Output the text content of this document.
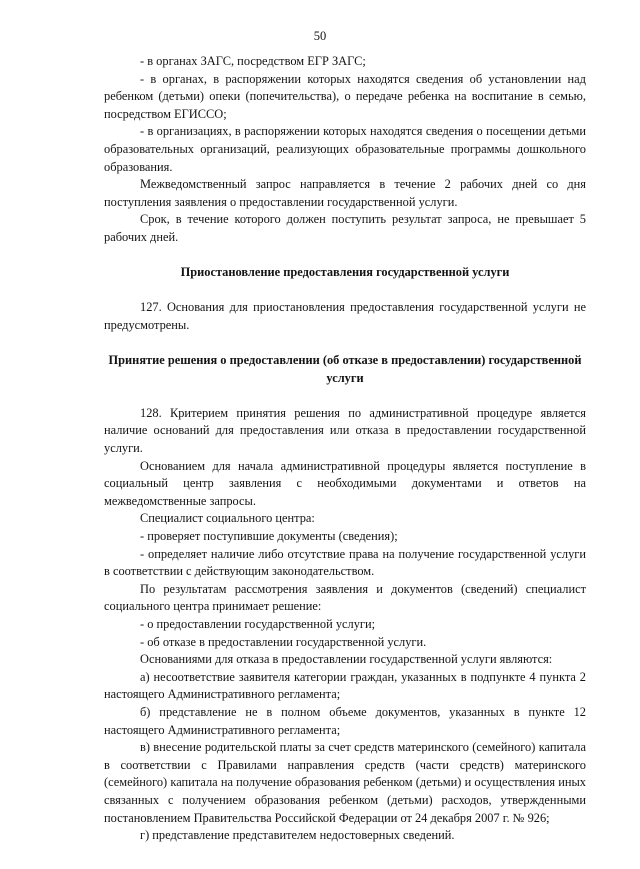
50
- в органах ЗАГС, посредством ЕГР ЗАГС;
- в органах, в распоряжении которых находятся сведения об установлении над ребенком (детьми) опеки (попечительства), о передаче ребенка на воспитание в семью, посредством ЕГИССО;
- в организациях, в распоряжении которых находятся сведения о посещении детьми образовательных организаций, реализующих образовательные программы дошкольного образования.
Межведомственный запрос направляется в течение 2 рабочих дней со дня поступления заявления о предоставлении государственной услуги.
Срок, в течение которого должен поступить результат запроса, не превышает 5 рабочих дней.
Приостановление предоставления государственной услуги
127. Основания для приостановления предоставления государственной услуги не предусмотрены.
Принятие решения о предоставлении (об отказе в предоставлении) государственной услуги
128. Критерием принятия решения по административной процедуре является наличие оснований для предоставления или отказа в предоставлении государственной услуги.
Основанием для начала административной процедуры является поступление в социальный центр заявления с необходимыми документами и ответов на межведомственные запросы.
Специалист социального центра:
- проверяет поступившие документы (сведения);
- определяет наличие либо отсутствие права на получение государственной услуги в соответствии с действующим законодательством.
По результатам рассмотрения заявления и документов (сведений) специалист социального центра принимает решение:
- о предоставлении государственной услуги;
- об отказе в предоставлении государственной услуги.
Основаниями для отказа в предоставлении государственной услуги являются:
а) несоответствие заявителя категории граждан, указанных в подпункте 4 пункта 2 настоящего Административного регламента;
б) представление не в полном объеме документов, указанных в пункте 12 настоящего Административного регламента;
в) внесение родительской платы за счет средств материнского (семейного) капитала в соответствии с Правилами направления средств (части средств) материнского (семейного) капитала на получение образования ребенком (детьми) и осуществления иных связанных с получением образования ребенком (детьми) расходов, утвержденными постановлением Правительства Российской Федерации от 24 декабря 2007 г. № 926;
г) представление представителем недостоверных сведений.
